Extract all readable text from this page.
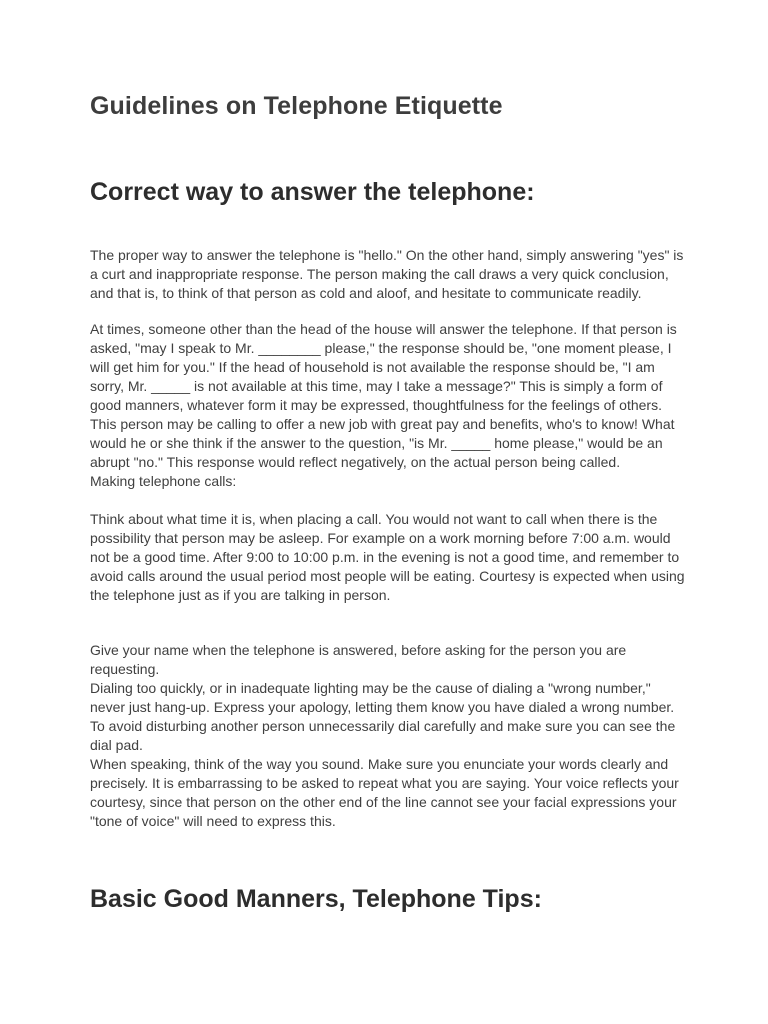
Guidelines on Telephone Etiquette
Correct way to answer the telephone:

The proper way to answer the telephone is "hello." On the other hand, simply answering "yes" is
a curt and inappropriate response. The person making the call draws a very quick conclusion,
and that is, to think of that person as cold and aloof, and hesitate to communicate readily.

At times, someone other than the head of the house will answer the telephone. If that person is
asked, "may I speak to Mr. ________ please," the response should be, "one moment please, I
will get him for you." If the head of household is not available the response should be, "I am
sorry, Mr. _____ is not available at this time, may I take a message?" This is simply a form of
good manners, whatever form it may be expressed, thoughtfulness for the feelings of others.
This person may be calling to offer a new job with great pay and benefits, who's to know! What
would he or she think if the answer to the question, "is Mr. _____ home please," would be an
abrupt "no." This response would reflect negatively, on the actual person being called.
Making telephone calls:

Think about what time it is, when placing a call. You would not want to call when there is the
possibility that person may be asleep. For example on a work morning before 7:00 a.m. would
not be a good time. After 9:00 to 10:00 p.m. in the evening is not a good time, and remember to
avoid calls around the usual period most people will be eating. Courtesy is expected when using
the telephone just as if you are talking in person.

Give your name when the telephone is answered, before asking for the person you are
requesting.
Dialing too quickly, or in inadequate lighting may be the cause of dialing a "wrong number,"
never just hang-up. Express your apology, letting them know you have dialed a wrong number.
To avoid disturbing another person unnecessarily dial carefully and make sure you can see the
dial pad.
When speaking, think of the way you sound. Make sure you enunciate your words clearly and
precisely. It is embarrassing to be asked to repeat what you are saying. Your voice reflects your
courtesy, since that person on the other end of the line cannot see your facial expressions your
"tone of voice" will need to express this.

Basic Good Manners, Telephone Tips:
